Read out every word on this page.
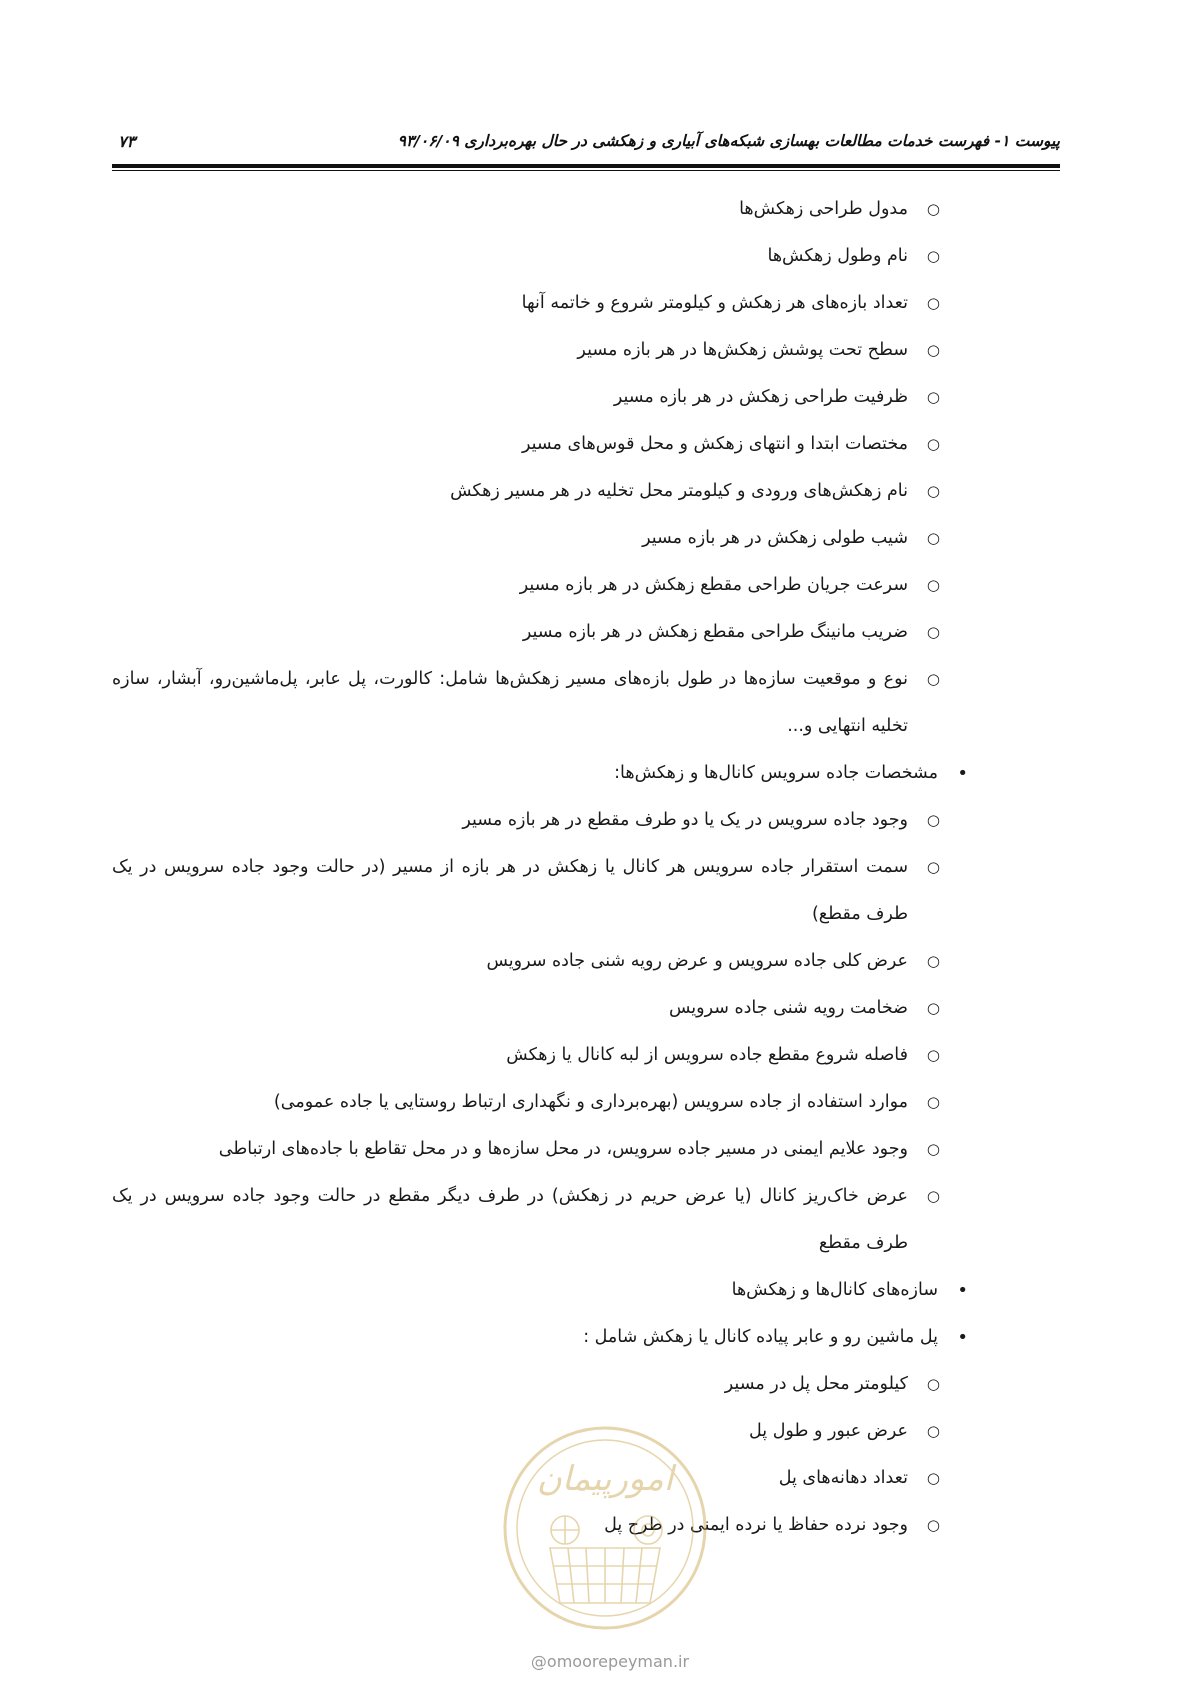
پیوست ۱- فهرست خدمات مطالعات بهسازی شبکه‌های آبیاری و زهکشی در حال بهره‌برداری ۹۳/۰۶/۰۹
۷۳
○
مدول طراحی زهکش‌ها
○
نام وطول زهکش‌ها
○
تعداد بازه‌های هر زهکش و کیلومتر شروع و خاتمه آنها
○
سطح تحت پوشش زهکش‌ها در هر بازه مسیر
○
ظرفیت طراحی زهکش در هر بازه مسیر
○
مختصات ابتدا و انتهای زهکش و محل قوس‌های مسیر
○
نام زهکش‌های ورودی و کیلومتر محل تخلیه در هر مسیر زهکش
○
شیب طولی زهکش در هر بازه مسیر
○
سرعت جریان طراحی مقطع زهکش در هر بازه مسیر
○
ضریب مانینگ طراحی مقطع زهکش در هر بازه مسیر
○
نوع و موقعیت سازه‌ها در طول بازه‌های مسیر زهکش‌ها شامل: کالورت، پل عابر، پل‌ماشین‌رو، آبشار، سازه تخلیه انتهایی و...
•
مشخصات جاده سرویس کانال‌ها و زهکش‌ها:
○
وجود جاده سرویس در یک یا دو طرف مقطع در هر بازه مسیر
○
سمت استقرار جاده سرویس هر کانال یا زهکش در هر بازه از مسیر (در حالت وجود جاده سرویس در یک طرف مقطع)
○
عرض کلی جاده سرویس و عرض رویه شنی جاده سرویس
○
ضخامت رویه شنی جاده سرویس
○
فاصله شروع مقطع جاده سرویس از لبه کانال یا زهکش
○
موارد استفاده از جاده سرویس (بهره‌برداری و نگهداری ارتباط روستایی یا جاده عمومی)
○
وجود علایم ایمنی در مسیر جاده سرویس، در محل سازه‌ها و در محل تقاطع با جاده‌های ارتباطی
○
عرض خاک‌ریز کانال (یا عرض حریم در زهکش) در طرف دیگر مقطع در حالت وجود جاده سرویس در یک طرف مقطع
•
سازه‌های کانال‌ها و زهکش‌ها
•
پل ماشین رو و عابر پیاده کانال یا زهکش شامل :
○
کیلومتر محل پل در مسیر
○
عرض عبور و طول پل
○
تعداد دهانه‌های پل
○
وجود نرده حفاظ یا نرده ایمنی در طرح پل
امورپیمان
@omoorepeyman.ir
